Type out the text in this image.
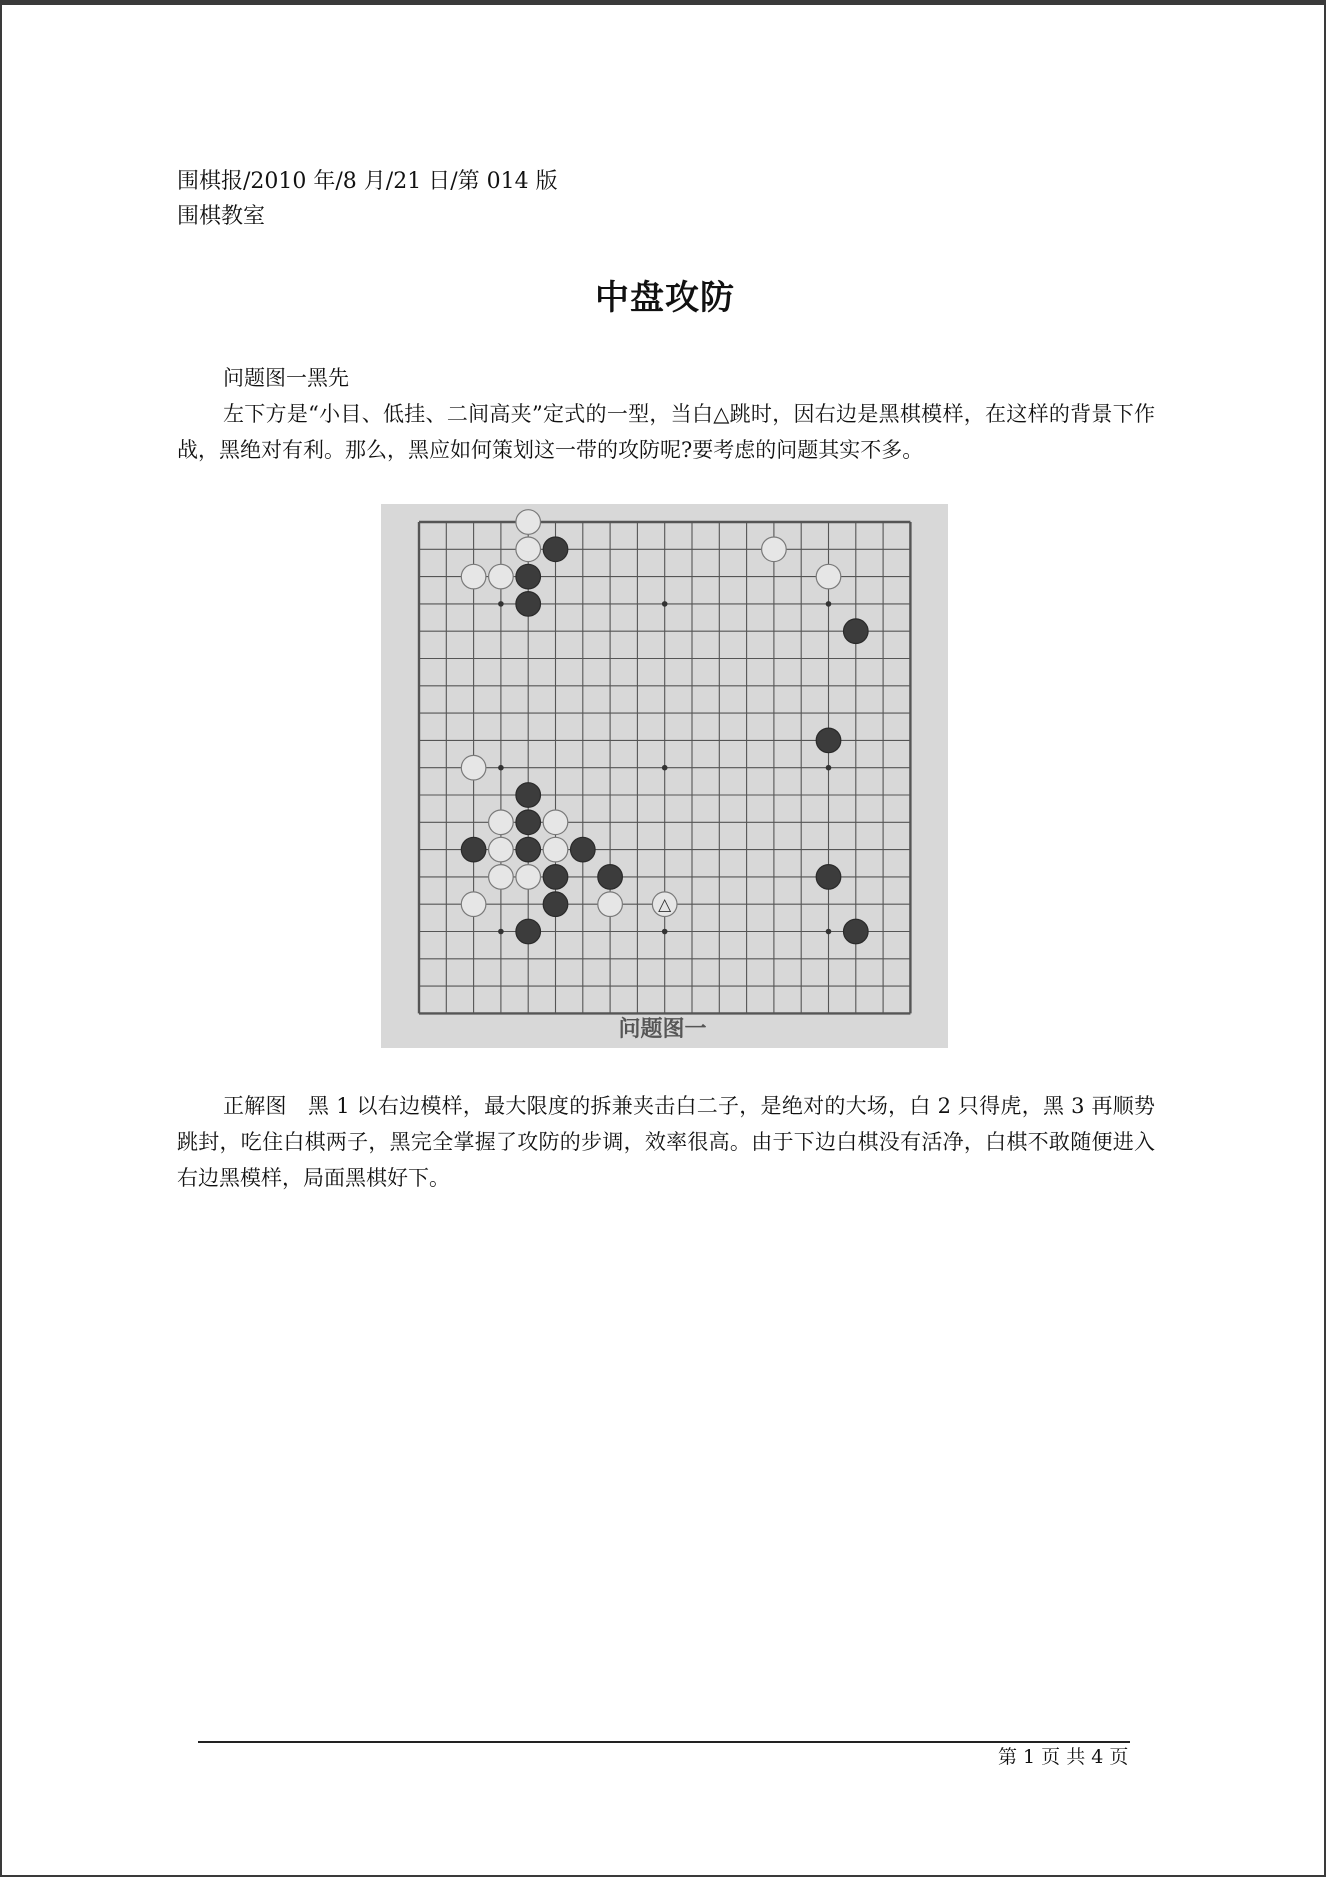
围棋报/2010 年/8 月/21 日/第 014 版
围棋教室
中盘攻防
问题图一黑先
左下方是“小目、低挂、二间高夹”定式的一型，当白△跳时，因右边是黑棋模样，在这样的背景下作战，黑绝对有利。那么，黑应如何策划这一带的攻防呢?要考虑的问题其实不多。
△
问题图一
正解图　黑 1 以右边模样，最大限度的拆兼夹击白二子，是绝对的大场，白 2 只得虎，黑 3 再顺势跳封，吃住白棋两子，黑完全掌握了攻防的步调，效率很高。由于下边白棋没有活净，白棋不敢随便进入右边黑模样，局面黑棋好下。
第 1 页 共 4 页
